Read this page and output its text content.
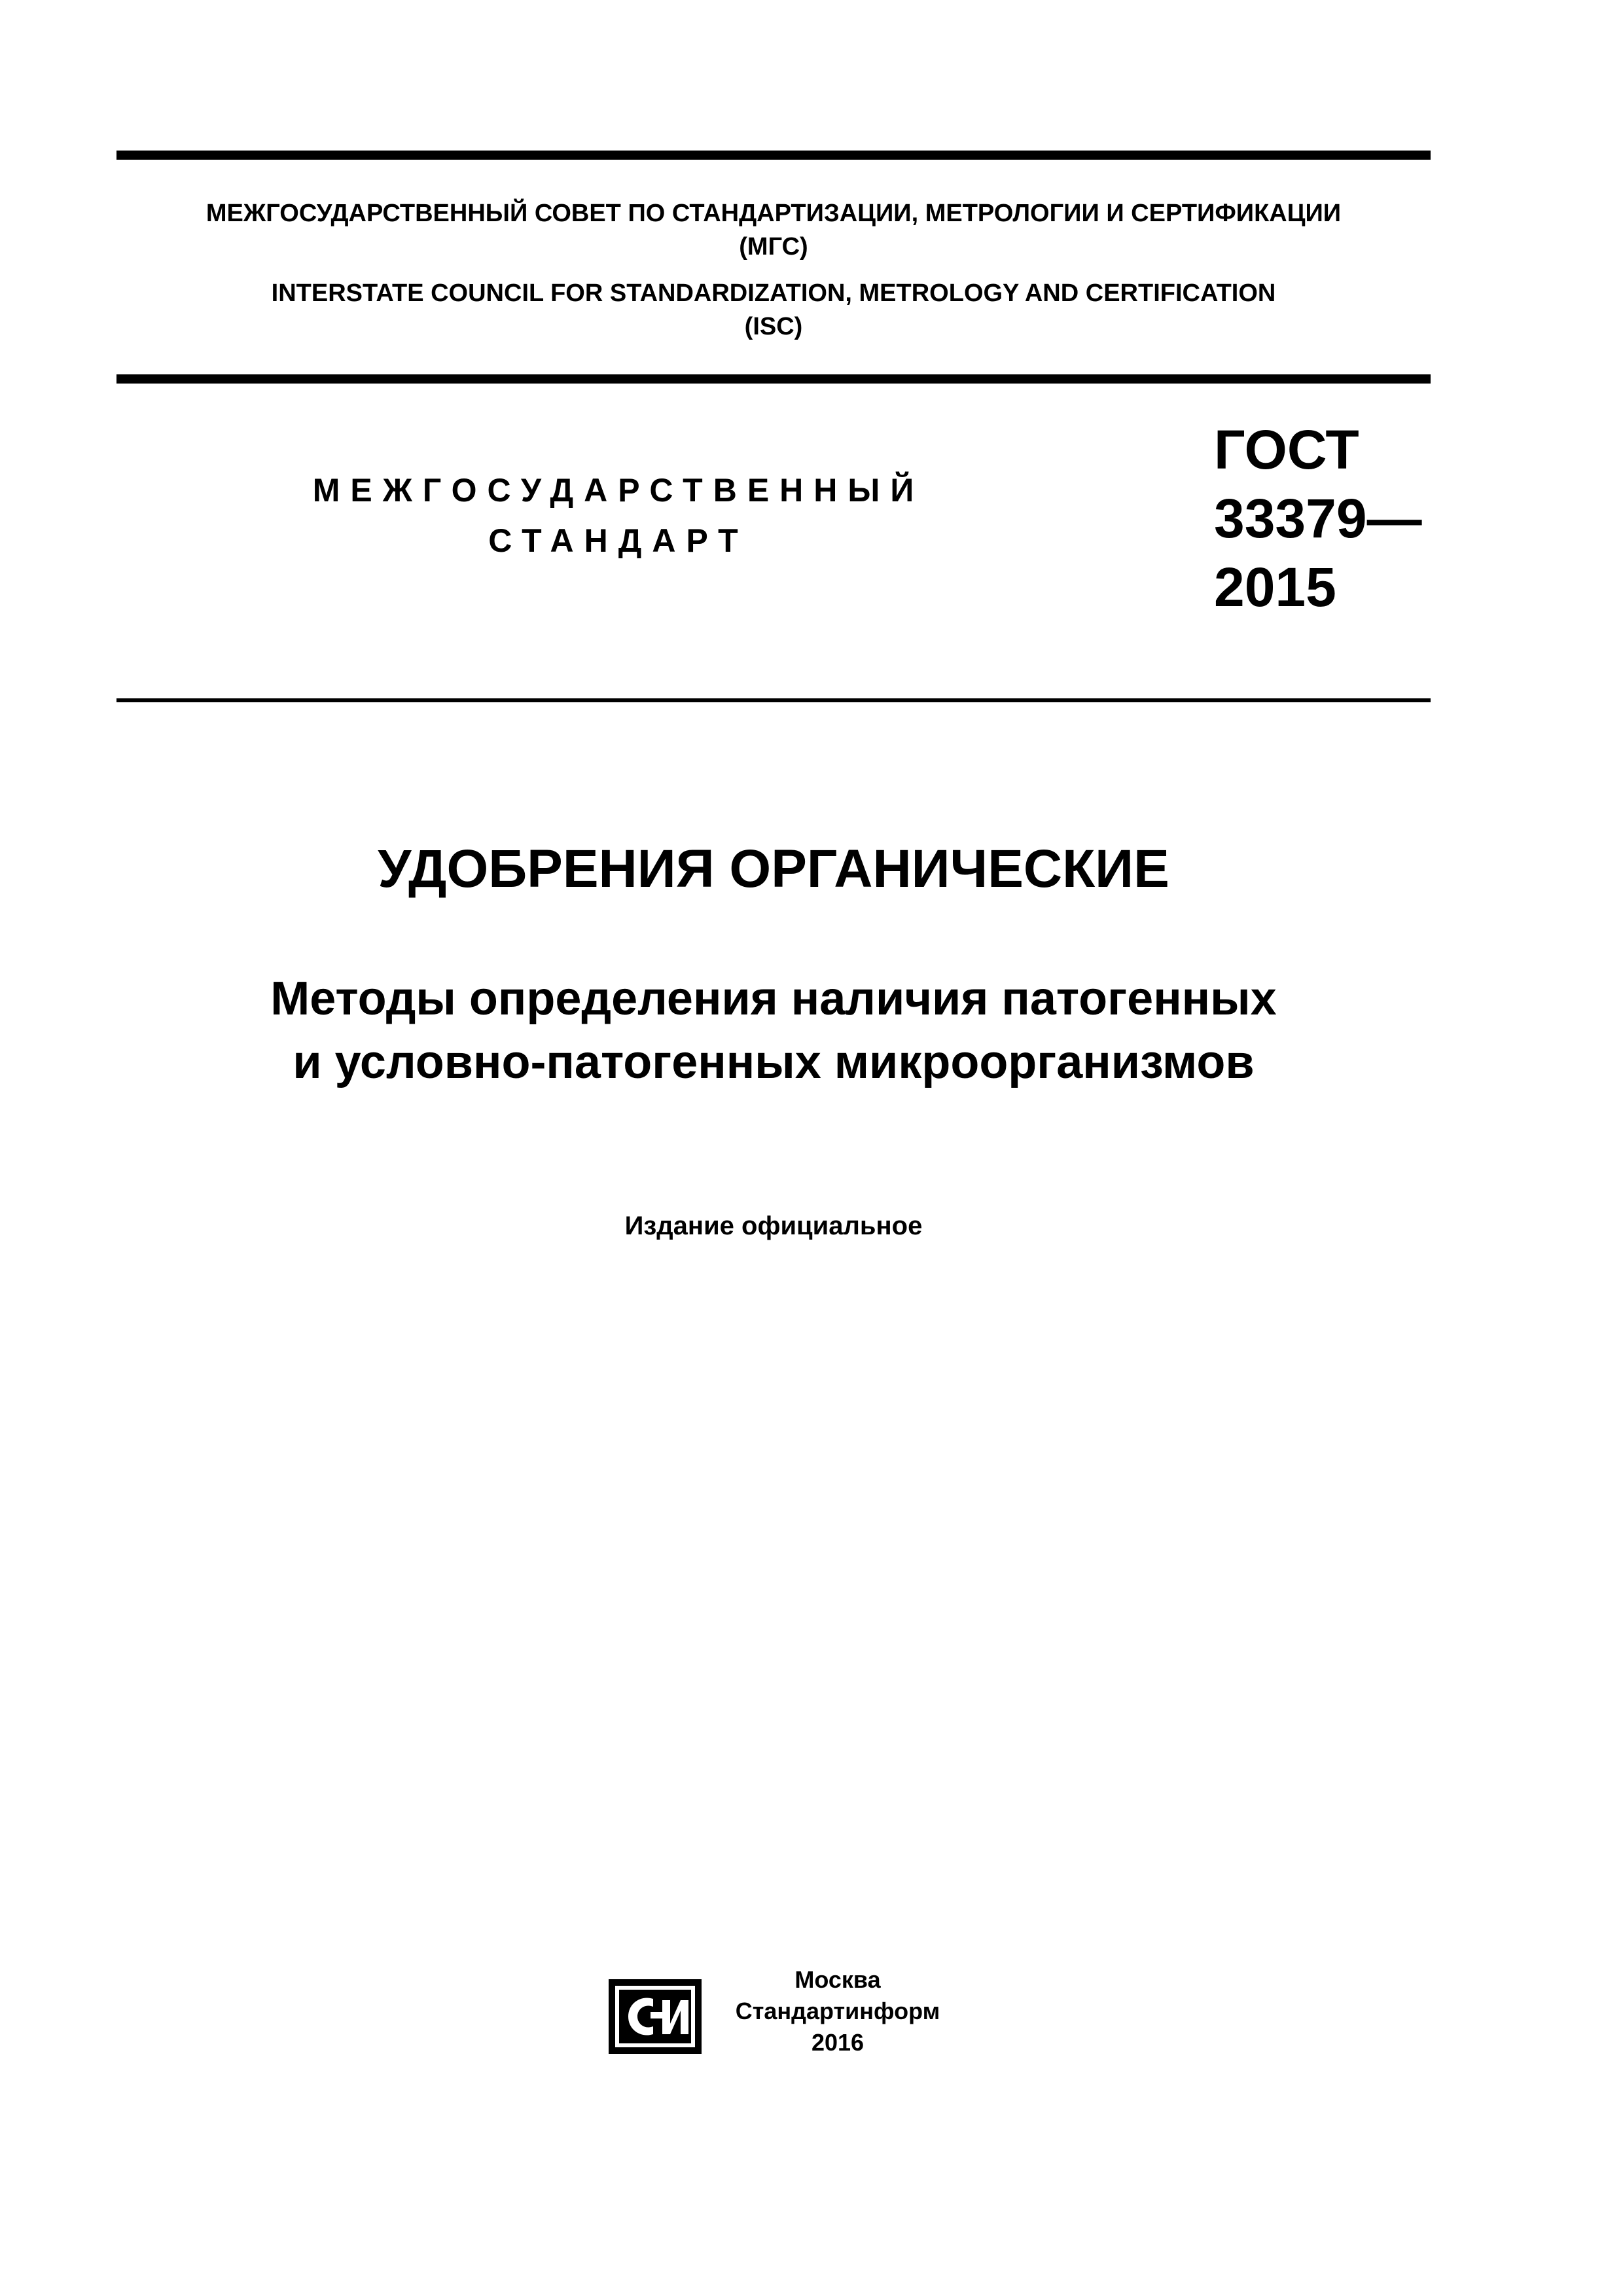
МЕЖГОСУДАРСТВЕННЫЙ СОВЕТ ПО СТАНДАРТИЗАЦИИ, МЕТРОЛОГИИ И СЕРТИФИКАЦИИ
(МГС)
INTERSTATE COUNCIL FOR STANDARDIZATION, METROLOGY AND CERTIFICATION
(ISC)
МЕЖГОСУДАРСТВЕННЫЙ
СТАНДАРТ
ГОСТ
33379—
2015
УДОБРЕНИЯ ОРГАНИЧЕСКИЕ
Методы определения наличия патогенных
и условно-патогенных микроорганизмов
Издание официальное
Москва
Стандартинформ
2016
